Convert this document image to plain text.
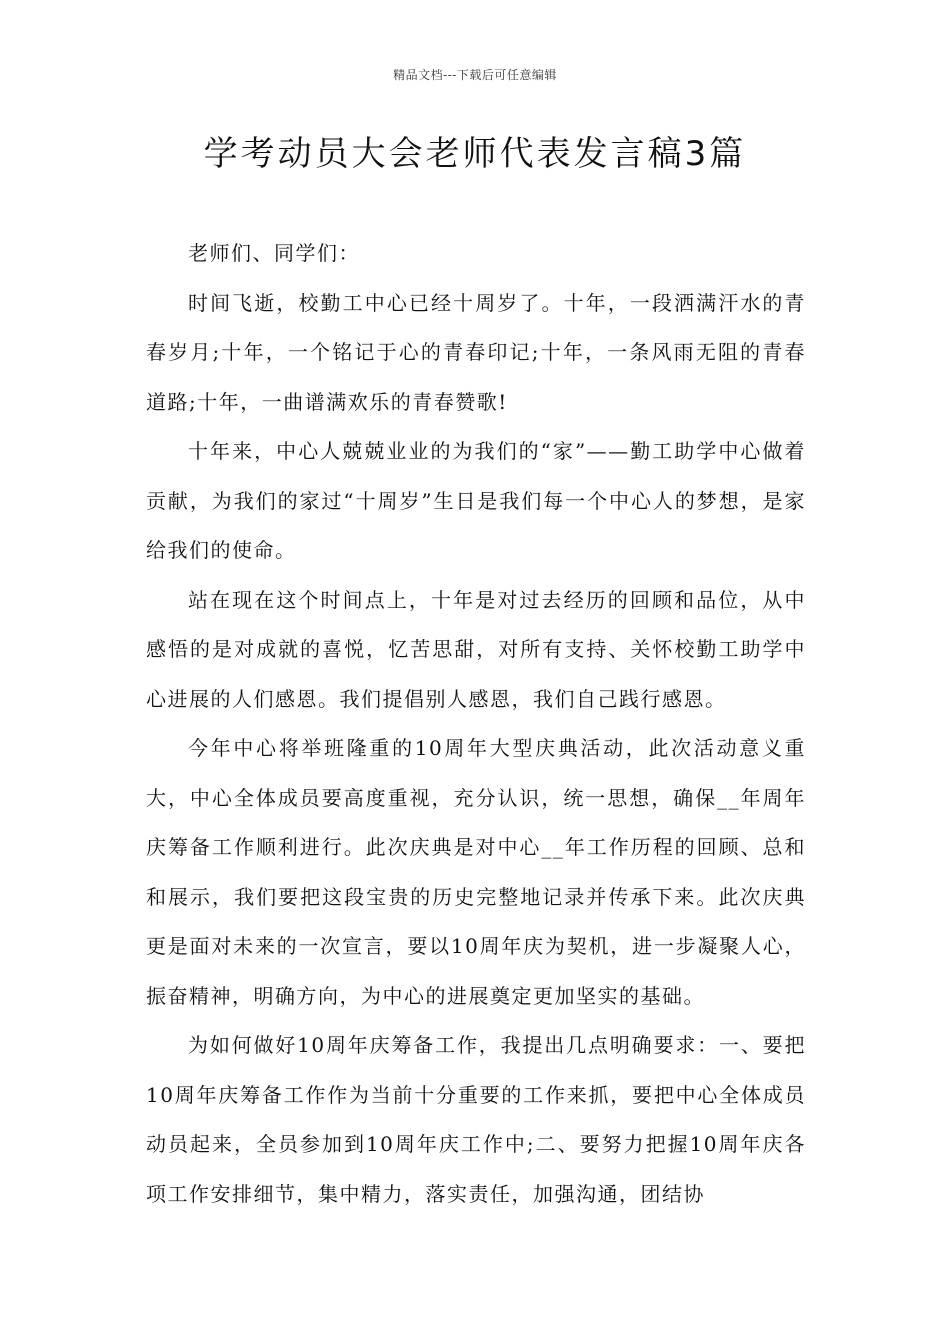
精品文档---下载后可任意编辑
学考动员大会老师代表发言稿3篇

老师们、同学们：

时间飞逝，校勤工中心已经十周岁了。十年，一段洒满汗水的青春岁月;十年，一个铭记于心的青春印记;十年，一条风雨无阻的青春道路;十年，一曲谱满欢乐的青春赞歌!

十年来，中心人兢兢业业的为我们的“家”——勤工助学中心做着贡献，为我们的家过“十周岁”生日是我们每一个中心人的梦想，是家给我们的使命。

站在现在这个时间点上，十年是对过去经历的回顾和品位，从中感悟的是对成就的喜悦，忆苦思甜，对所有支持、关怀校勤工助学中心进展的人们感恩。我们提倡别人感恩，我们自己践行感恩。

今年中心将举班隆重的10周年大型庆典活动，此次活动意义重大，中心全体成员要高度重视，充分认识，统一思想，确保__年周年庆筹备工作顺利进行。此次庆典是对中心__年工作历程的回顾、总和和展示，我们要把这段宝贵的历史完整地记录并传承下来。此次庆典更是面对未来的一次宣言，要以10周年庆为契机，进一步凝聚人心，振奋精神，明确方向，为中心的进展奠定更加坚实的基础。

为如何做好10周年庆筹备工作，我提出几点明确要求：一、要把10周年庆筹备工作作为当前十分重要的工作来抓，要把中心全体成员动员起来，全员参加到10周年庆工作中;二、要努力把握10周年庆各项工作安排细节，集中精力，落实责任，加强沟通，团结协
